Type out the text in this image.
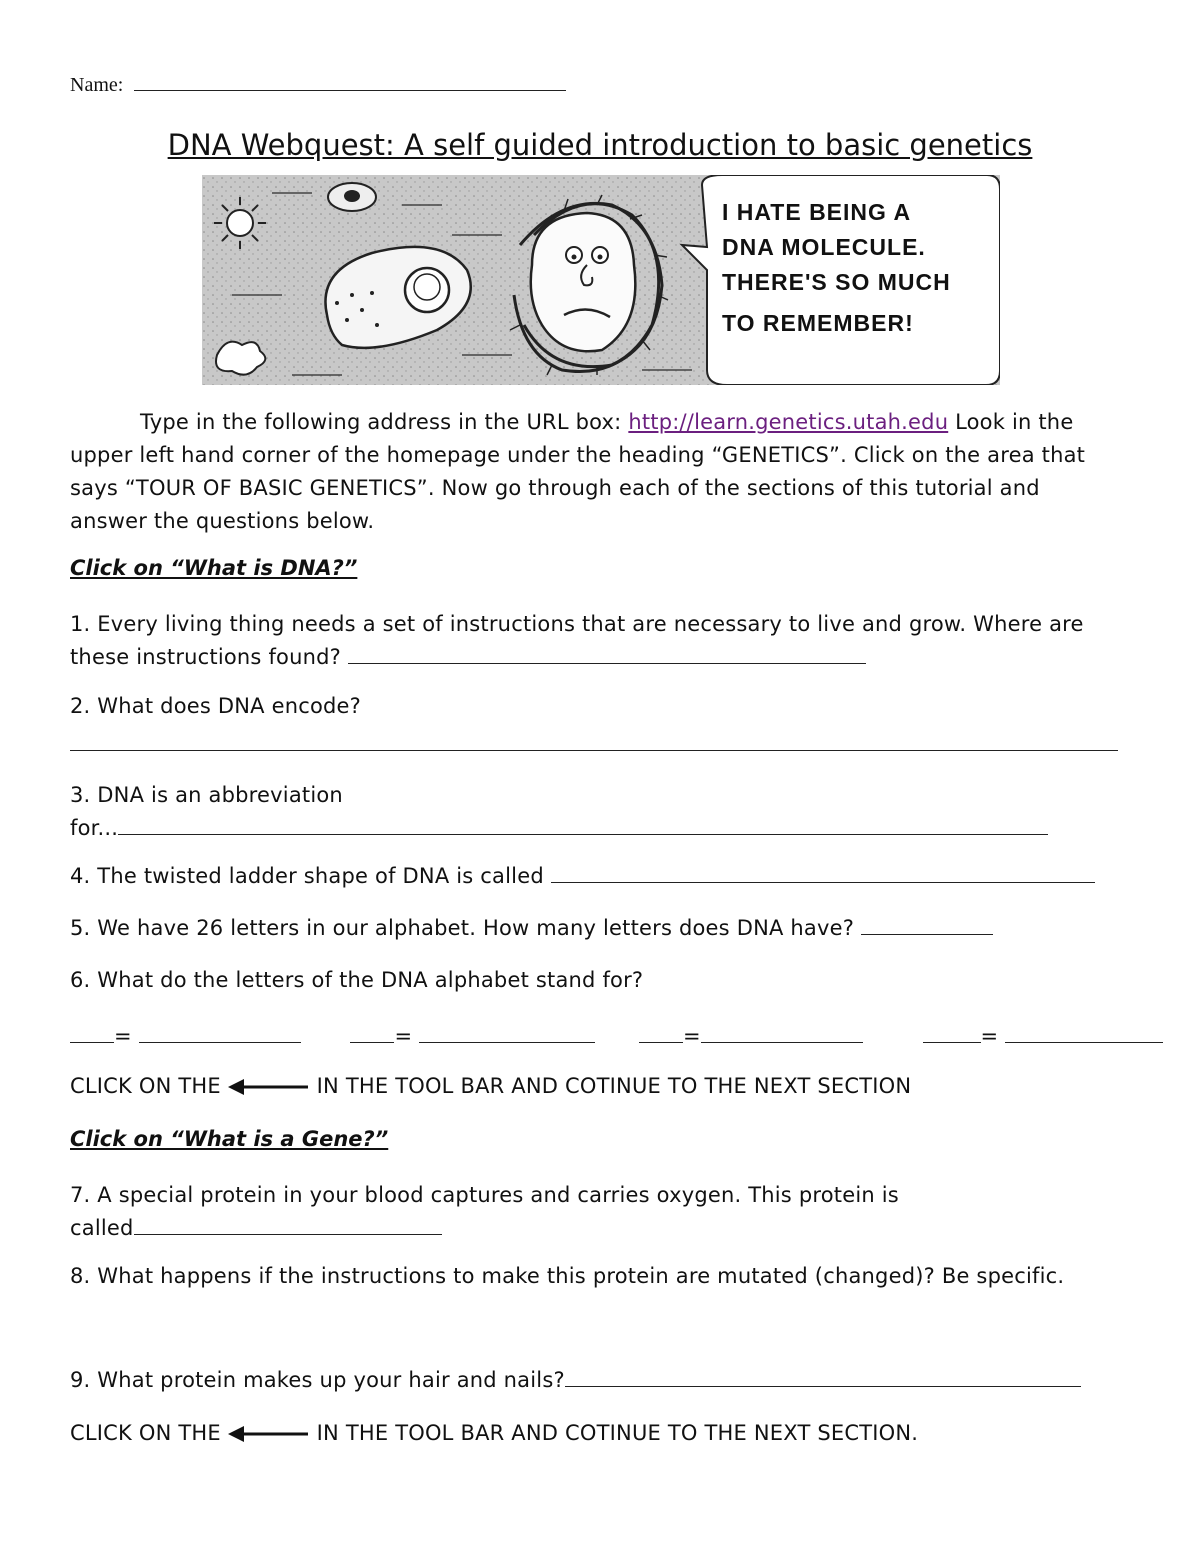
Name:
DNA Webquest: A self guided introduction to basic genetics
I HATE BEING A
DNA MOLECULE.
THERE'S SO MUCH
TO REMEMBER!
Type in the following address in the URL box: http://learn.genetics.utah.edu Look in the
upper left hand corner of the homepage under the heading “GENETICS”. Click on the area that
says “TOUR OF BASIC GENETICS”. Now go through each of the sections of this tutorial and
answer the questions below.
Click on “What is DNA?”
1. Every living thing needs a set of instructions that are necessary to live and grow. Where are
these instructions found?
2. What does DNA encode?
3. DNA is an abbreviation
for...
4. The twisted ladder shape of DNA is called
5. We have 26 letters in our alphabet. How many letters does DNA have?
6. What do the letters of the DNA alphabet stand for?
=	=	=	=
CLICK ON THE	IN THE TOOL BAR AND COTINUE TO THE NEXT SECTION
Click on “What is a Gene?”
7. A special protein in your blood captures and carries oxygen. This protein is
called
8. What happens if the instructions to make this protein are mutated (changed)? Be specific.
9. What protein makes up your hair and nails?
CLICK ON THE	IN THE TOOL BAR AND COTINUE TO THE NEXT SECTION.
